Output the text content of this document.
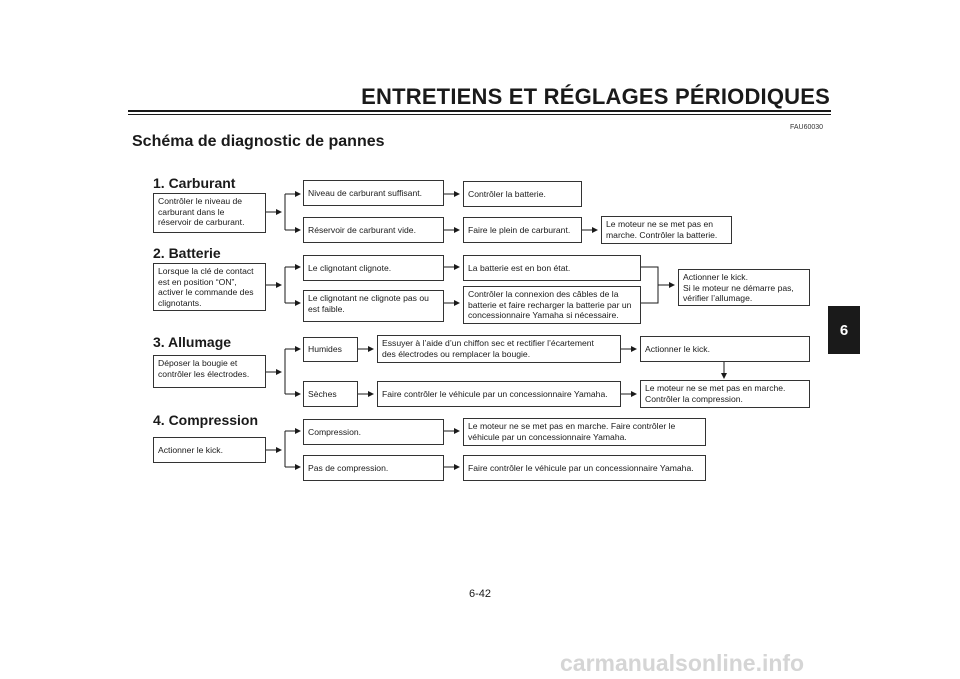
ENTRETIENS ET RÉGLAGES PÉRIODIQUES
FAU60030
Schéma de diagnostic de pannes
6
1. Carburant
Contrôler le niveau de
carburant dans le
réservoir de carburant.
Niveau de carburant suffisant.	Contrôler la batterie.
Réservoir de carburant vide.	Faire le plein de carburant.
Le moteur ne se met pas en
marche. Contrôler la batterie.
2. Batterie
Lorsque la clé de contact
est en position “ON”,
activer le commande des
clignotants.
Le clignotant clignote.	La batterie est en bon état.
Le clignotant ne clignote pas ou
est faible.
Contrôler la connexion des câbles de la
batterie et faire recharger la batterie par un
concessionnaire Yamaha si nécessaire.
Actionner le kick.
Si le moteur ne démarre pas,
vérifier l’allumage.
3. Allumage
Déposer la bougie et
contrôler les électrodes.
Humides
Essuyer à l’aide d’un chiffon sec et rectifier l’écartement
des électrodes ou remplacer la bougie.	Actionner le kick.
Sèches	Faire contrôler le véhicule par un concessionnaire Yamaha.
Le moteur ne se met pas en marche.
Contrôler la compression.
4. Compression
Actionner le kick.
Compression.
Le moteur ne se met pas en marche. Faire contrôler le
véhicule par un concessionnaire Yamaha.
Pas de compression.	Faire contrôler le véhicule par un concessionnaire Yamaha.
6-42
carmanualsonline.info
